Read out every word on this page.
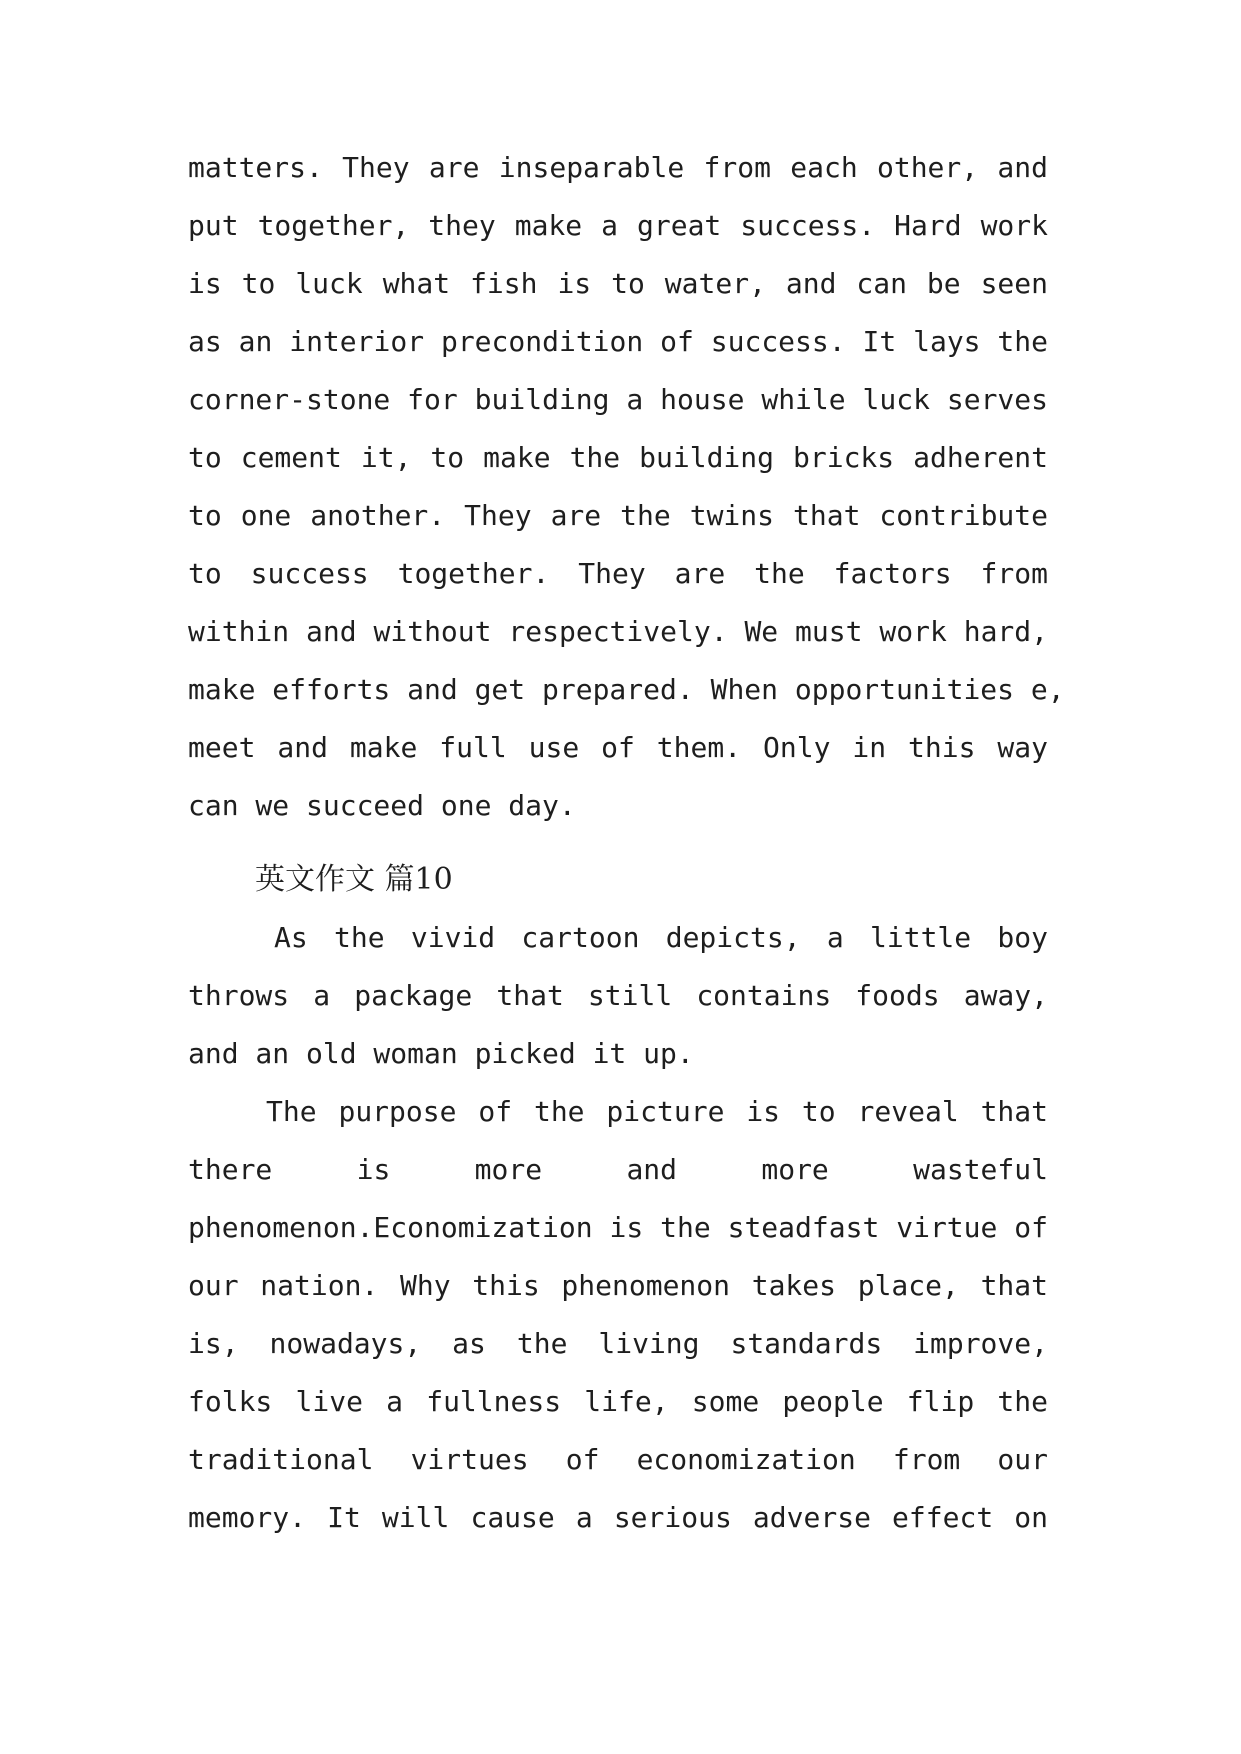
matters. They are inseparable from each other, and
put together, they make a great success. Hard work
is to luck what fish is to water, and can be seen
as an interior precondition of success. It lays the
corner-stone for building a house while luck serves
to cement it, to make the building bricks adherent
to one another. They are the twins that contribute
to success together. They are the factors from
within and without respectively. We must work hard,
make efforts and get prepared. When opportunities e,
meet and make full use of them. Only in this way
can we succeed one day.
英文作文 篇10
As the vivid cartoon depicts, a little boy
throws a package that still contains foods away,
and an old woman picked it up.
The purpose of the picture is to reveal that
there is more and more wasteful
phenomenon.Economization is the steadfast virtue of
our nation. Why this phenomenon takes place, that
is, nowadays, as the living standards improve,
folks live a fullness life, some people flip the
traditional virtues of economization from our
memory. It will cause a serious adverse effect on
